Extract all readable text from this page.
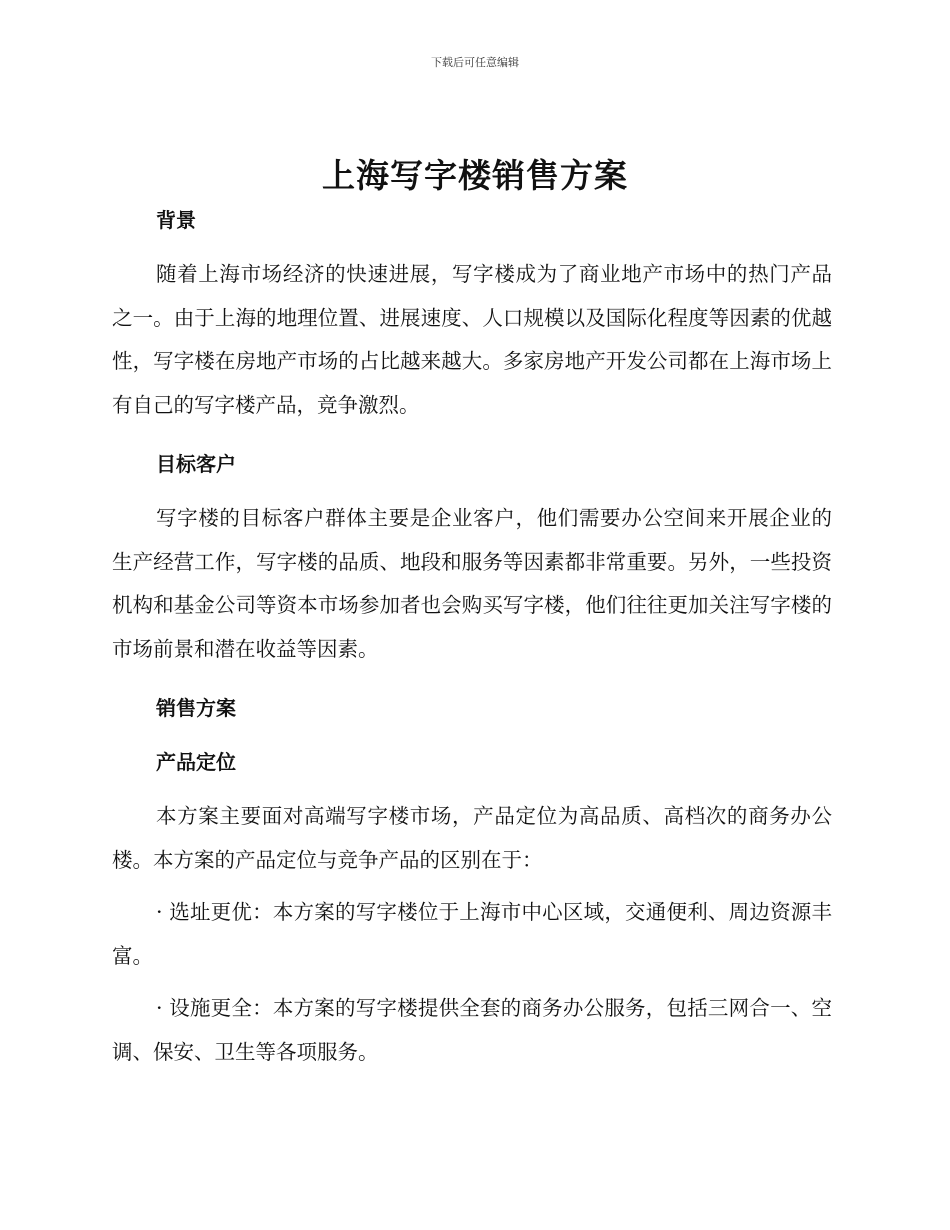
下载后可任意编辑
上海写字楼销售方案
背景

随着上海市场经济的快速进展，写字楼成为了商业地产市场中的热门产品之一。由于上海的地理位置、进展速度、人口规模以及国际化程度等因素的优越性，写字楼在房地产市场的占比越来越大。多家房地产开发公司都在上海市场上有自己的写字楼产品，竞争激烈。

目标客户

写字楼的目标客户群体主要是企业客户，他们需要办公空间来开展企业的生产经营工作，写字楼的品质、地段和服务等因素都非常重要。另外，一些投资机构和基金公司等资本市场参加者也会购买写字楼，他们往往更加关注写字楼的市场前景和潜在收益等因素。

销售方案
产品定位

本方案主要面对高端写字楼市场，产品定位为高品质、高档次的商务办公楼。本方案的产品定位与竞争产品的区别在于：

· 选址更优：本方案的写字楼位于上海市中心区域，交通便利、周边资源丰富。

· 设施更全：本方案的写字楼提供全套的商务办公服务，包括三网合一、空调、保安、卫生等各项服务。
